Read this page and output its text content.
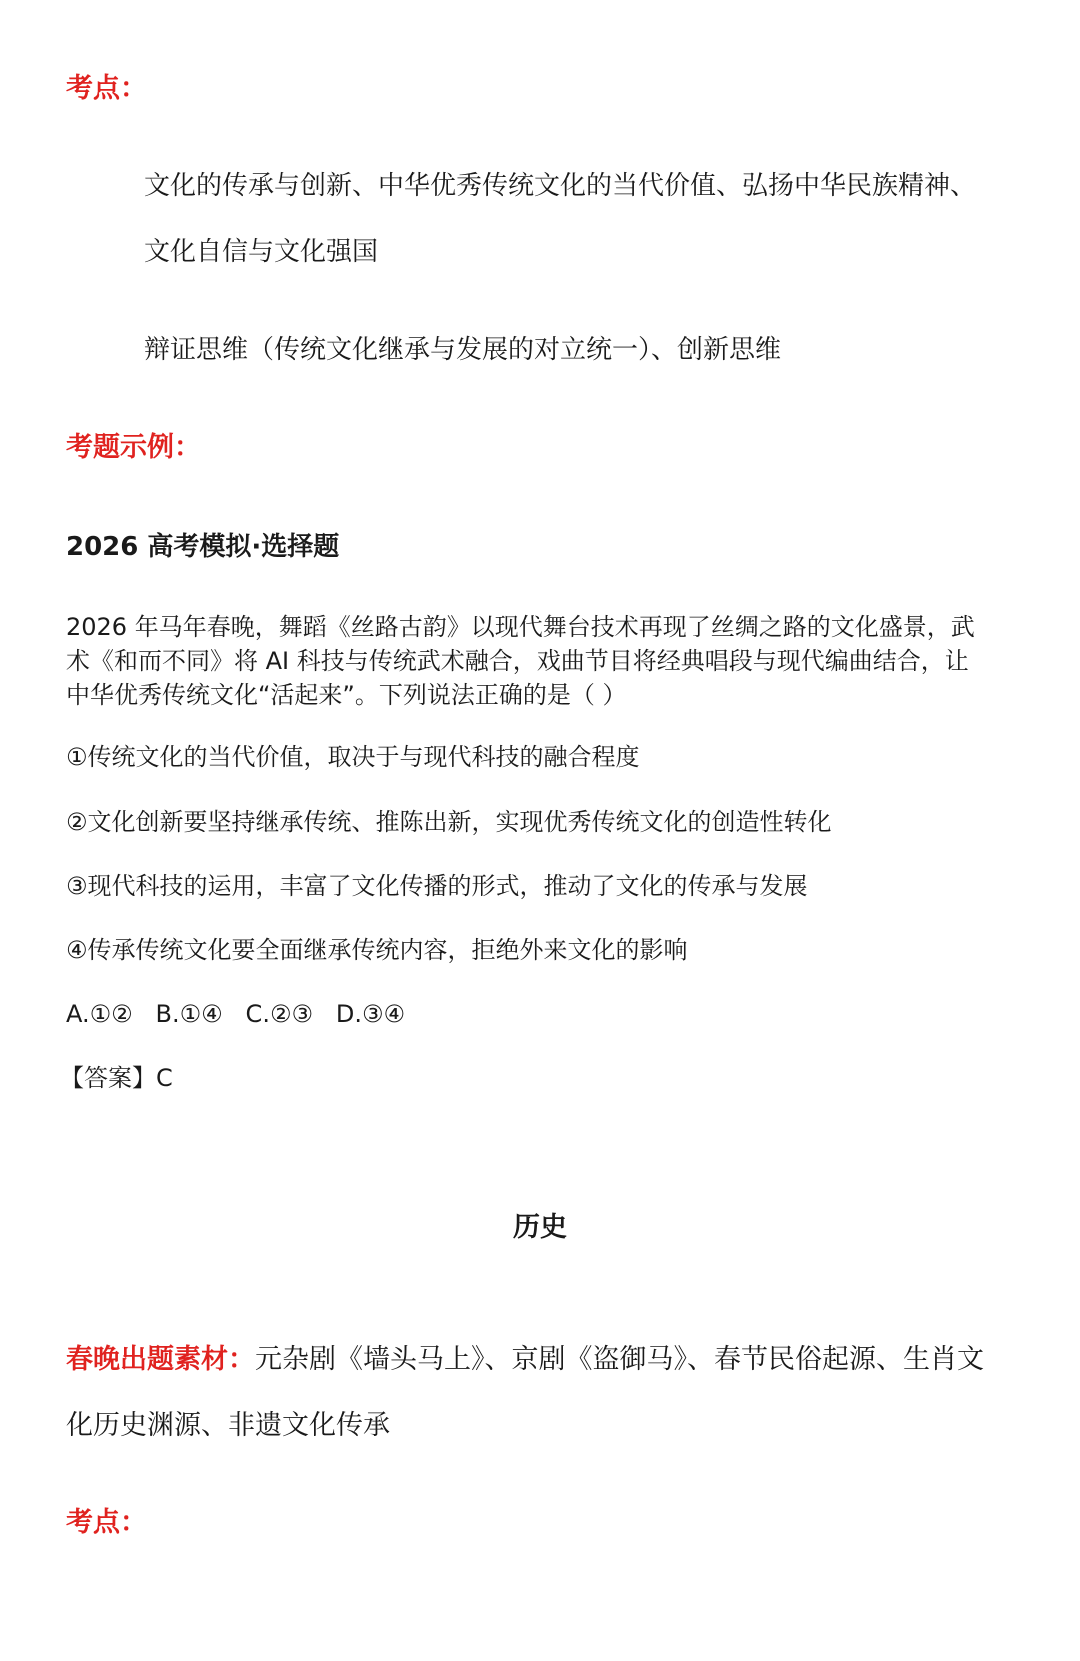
考点：
文化的传承与创新、中华优秀传统文化的当代价值、弘扬中华民族精神、
文化自信与文化强国
辩证思维（传统文化继承与发展的对立统一）、创新思维
考题示例：
2026 高考模拟·选择题
2026 年马年春晚，舞蹈《丝路古韵》以现代舞台技术再现了丝绸之路的文化盛景，武
术《和而不同》将 AI 科技与传统武术融合，戏曲节目将经典唱段与现代编曲结合，让
中华优秀传统文化“活起来”。下列说法正确的是（ ）
①传统文化的当代价值，取决于与现代科技的融合程度
②文化创新要坚持继承传统、推陈出新，实现优秀传统文化的创造性转化
③现代科技的运用，丰富了文化传播的形式，推动了文化的传承与发展
④传承传统文化要全面继承传统内容，拒绝外来文化的影响
A.①②   B.①④   C.②③   D.③④
【答案】C
历史
春晚出题素材：元杂剧《墙头马上》、京剧《盗御马》、春节民俗起源、生肖文
化历史渊源、非遗文化传承
考点：
